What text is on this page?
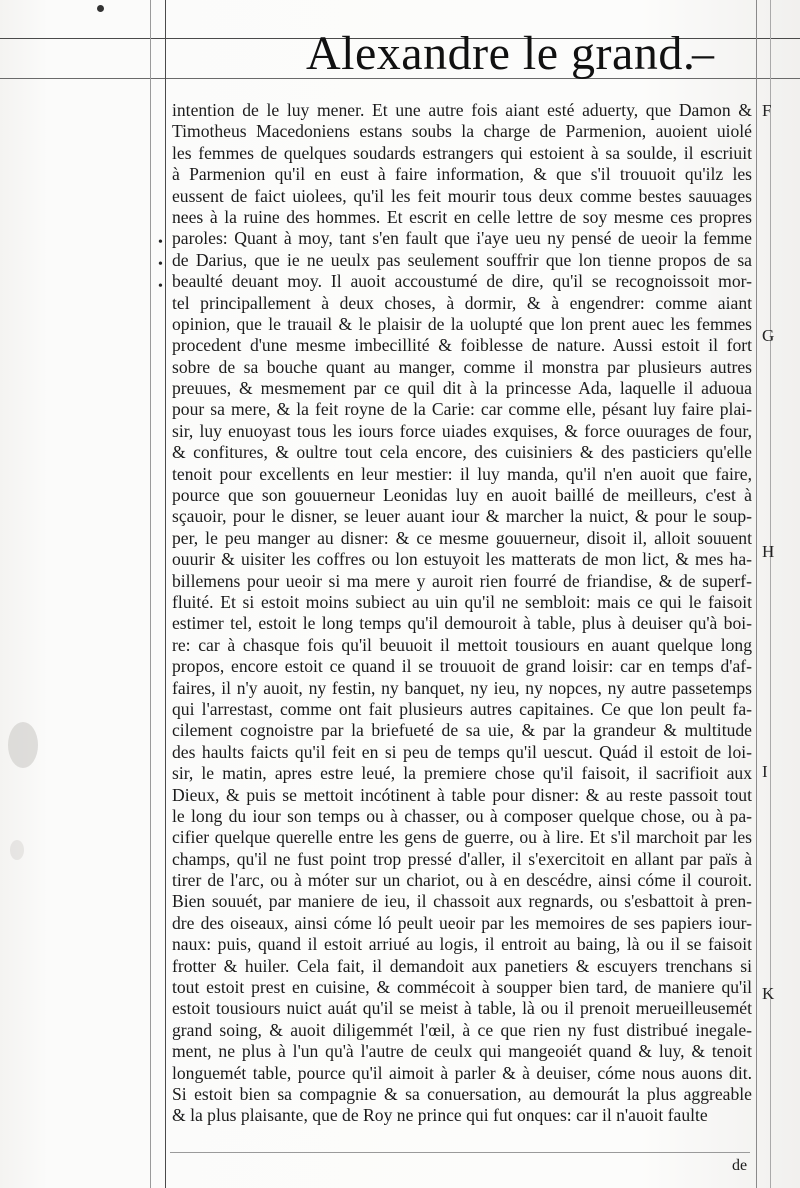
Alexandre le grand.
–
•
•
•
F
G
H
I
K
intention de le luy mener. Et une autre fois aiant esté aduerty, que Damon &
Timotheus Macedoniens estans soubs la charge de Parmenion, auoient uiolé
les femmes de quelques soudards estrangers qui estoient à sa soulde, il escriuit
à Parmenion qu'il en eust à faire information, & que s'il trouuoit qu'ilz les
eussent de faict uiolees, qu'il les feit mourir tous deux comme bestes sauuages
nees à la ruine des hommes. Et escrit en celle lettre de soy mesme ces propres
paroles: Quant à moy, tant s'en fault que i'aye ueu ny pensé de ueoir la femme
de Darius, que ie ne ueulx pas seulement souffrir que lon tienne propos de sa
beaulté deuant moy. Il auoit accoustumé de dire, qu'il se recognoissoit mor-
tel principallement à deux choses, à dormir, & à engendrer: comme aiant
opinion, que le trauail & le plaisir de la uolupté que lon prent auec les femmes
procedent d'une mesme imbecillité & foiblesse de nature. Aussi estoit il fort
sobre de sa bouche quant au manger, comme il monstra par plusieurs autres
preuues, & mesmement par ce quil dit à la princesse Ada, laquelle il aduoua
pour sa mere, & la feit royne de la Carie: car comme elle, pésant luy faire plai-
sir, luy enuoyast tous les iours force uiades exquises, & force ouurages de four,
& confitures, & oultre tout cela encore, des cuisiniers & des pasticiers qu'elle
tenoit pour excellents en leur mestier: il luy manda, qu'il n'en auoit que faire,
pource que son gouuerneur Leonidas luy en auoit baillé de meilleurs, c'est à
sçauoir, pour le disner, se leuer auant iour & marcher la nuict, & pour le soup-
per, le peu manger au disner: & ce mesme gouuerneur, disoit il, alloit souuent
ouurir & uisiter les coffres ou lon estuyoit les matterats de mon lict, & mes ha-
billemens pour ueoir si ma mere y auroit rien fourré de friandise, & de superf-
fluité. Et si estoit moins subiect au uin qu'il ne sembloit: mais ce qui le faisoit
estimer tel, estoit le long temps qu'il demouroit à table, plus à deuiser qu'à boi-
re: car à chasque fois qu'il beuuoit il mettoit tousiours en auant quelque long
propos, encore estoit ce quand il se trouuoit de grand loisir: car en temps d'af-
faires, il n'y auoit, ny festin, ny banquet, ny ieu, ny nopces, ny autre passetemps
qui l'arrestast, comme ont fait plusieurs autres capitaines. Ce que lon peult fa-
cilement cognoistre par la briefueté de sa uie, & par la grandeur & multitude
des haults faicts qu'il feit en si peu de temps qu'il uescut. Quád il estoit de loi-
sir, le matin, apres estre leué, la premiere chose qu'il faisoit, il sacrifioit aux
Dieux, & puis se mettoit incótinent à table pour disner: & au reste passoit tout
le long du iour son temps ou à chasser, ou à composer quelque chose, ou à pa-
cifier quelque querelle entre les gens de guerre, ou à lire. Et s'il marchoit par les
champs, qu'il ne fust point trop pressé d'aller, il s'exercitoit en allant par païs à
tirer de l'arc, ou à móter sur un chariot, ou à en descédre, ainsi cóme il couroit.
Bien souuét, par maniere de ieu, il chassoit aux regnards, ou s'esbattoit à pren-
dre des oiseaux, ainsi cóme ló peult ueoir par les memoires de ses papiers iour-
naux: puis, quand il estoit arriué au logis, il entroit au baing, là ou il se faisoit
frotter & huiler. Cela fait, il demandoit aux panetiers & escuyers trenchans si
tout estoit prest en cuisine, & commécoit à soupper bien tard, de maniere qu'il
estoit tousiours nuict auát qu'il se meist à table, là ou il prenoit merueilleusemét
grand soing, & auoit diligemmét l'œil, à ce que rien ny fust distribué inegale-
ment, ne plus à l'un qu'à l'autre de ceulx qui mangeoiét quand & luy, & tenoit
longuemét table, pource qu'il aimoit à parler & à deuiser, cóme nous auons dit.
Si estoit bien sa compagnie & sa conuersation, au demourát la plus aggreable
& la plus plaisante, que de Roy ne prince qui fut onques: car il n'auoit faulte
de
